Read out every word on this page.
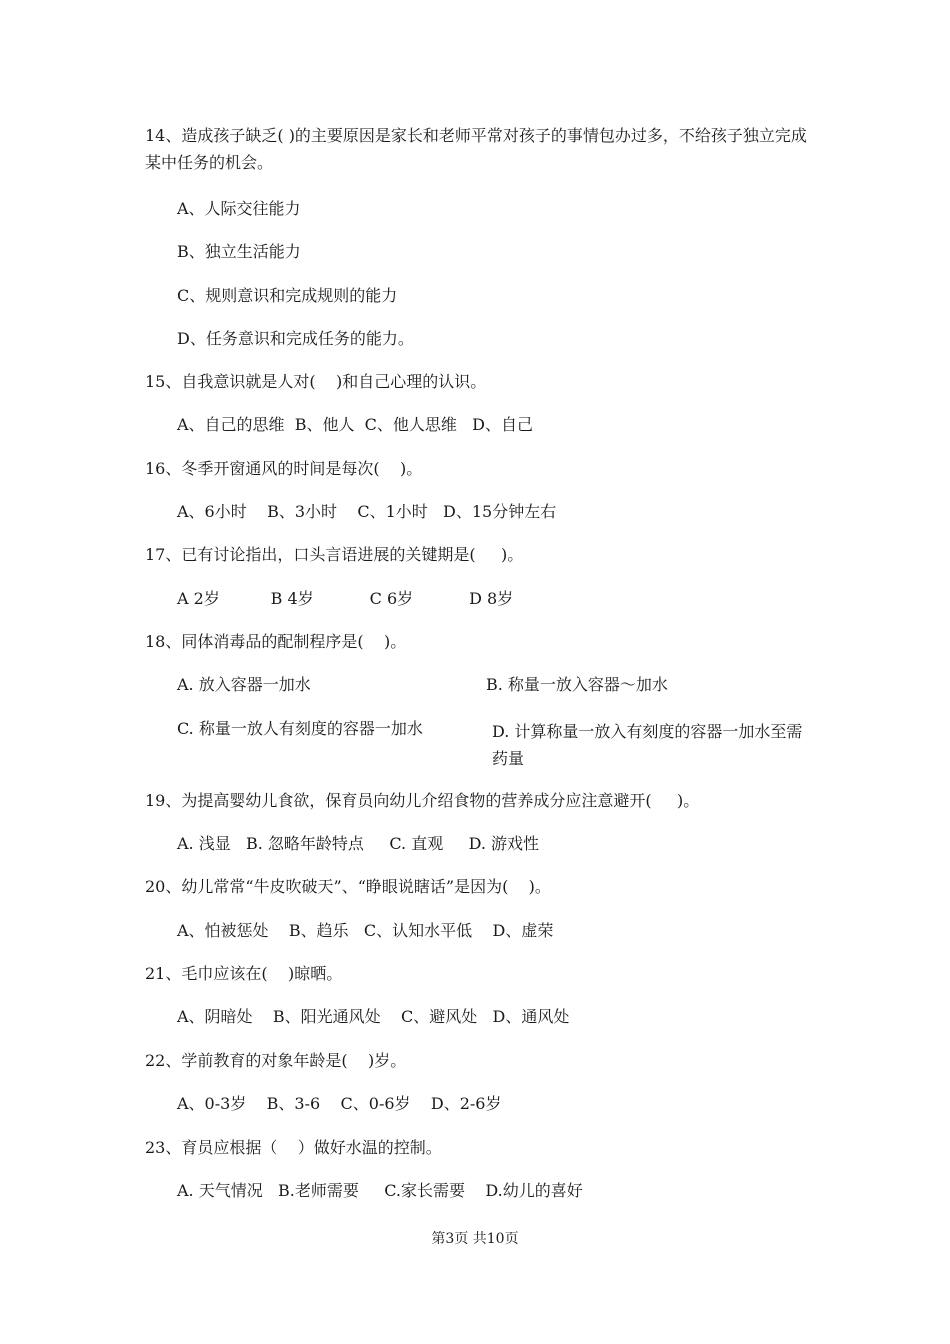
14、造成孩子缺乏( )的主要原因是家长和老师平常对孩子的事情包办过多，不给孩子独立完成某中任务的机会。
A、人际交往能力
B、独立生活能力
C、规则意识和完成规则的能力
D、任务意识和完成任务的能力。
15、自我意识就是人对(    )和自己心理的认识。
A、自己的思维  B、他人  C、他人思维   D、自己
16、冬季开窗通风的时间是每次(    )。
A、6小时    B、3小时    C、1小时   D、15分钟左右
17、已有讨论指出，口头言语进展的关键期是(     )。
A 2岁          B 4岁           C 6岁           D 8岁
18、同体消毒品的配制程序是(    )。
A. 放入容器一加水	B. 称量一放入容器～加水
C. 称量一放人有刻度的容器一加水	D. 计算称量一放入有刻度的容器一加水至需药量
19、为提高婴幼儿食欲，保育员向幼儿介绍食物的营养成分应注意避开(     )。
A. 浅显   B. 忽略年龄特点     C. 直观     D. 游戏性
20、幼儿常常“牛皮吹破天”、“睁眼说瞎话”是因为(    )。
A、怕被惩处    B、趋乐   C、认知水平低    D、虚荣
21、毛巾应该在(    )晾晒。
A、阴暗处    B、阳光通风处    C、避风处   D、通风处
22、学前教育的对象年龄是(    )岁。
A、0-3岁    B、3-6    C、0-6岁    D、2-6岁
23、育员应根据（    ）做好水温的控制。
A. 天气情况   B.老师需要     C.家长需要    D.幼儿的喜好
第3页 共10页
